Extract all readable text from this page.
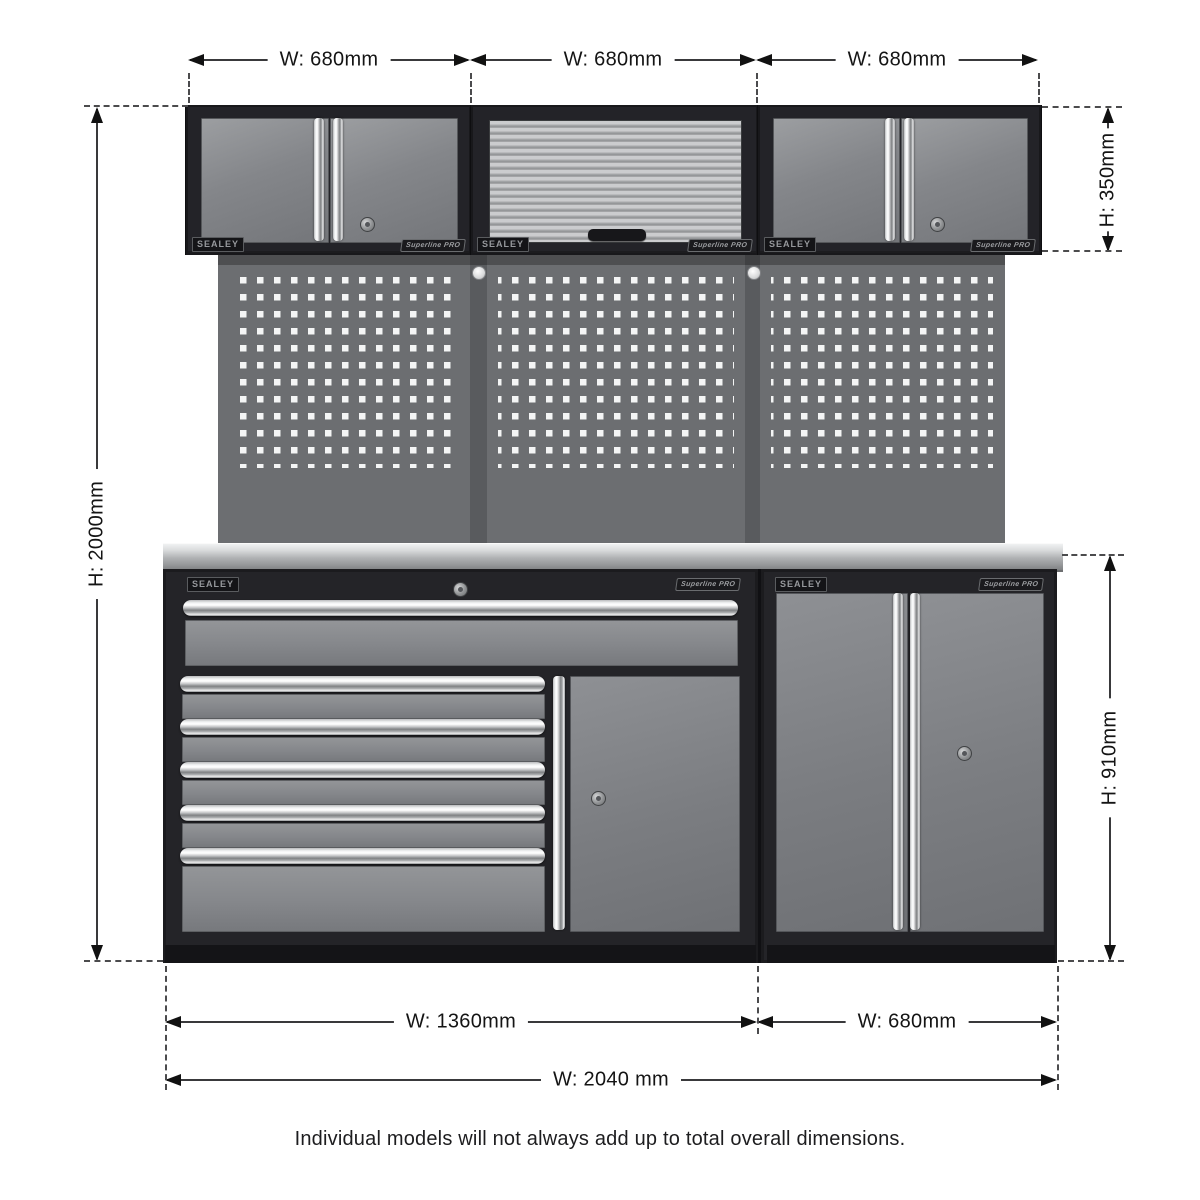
SEALEY	Superline PRO	SEALEY	Superline PRO	SEALEY	Superline PRO
SEALEY	Superline PRO	SEALEY	Superline PRO
W: 680mm	W: 680mm	W: 680mm
H: 2000mm
H: 350mm
H: 910mm
W: 1360mm	W: 680mm
W: 2040 mm
Individual models will not always add up to total overall dimensions.
